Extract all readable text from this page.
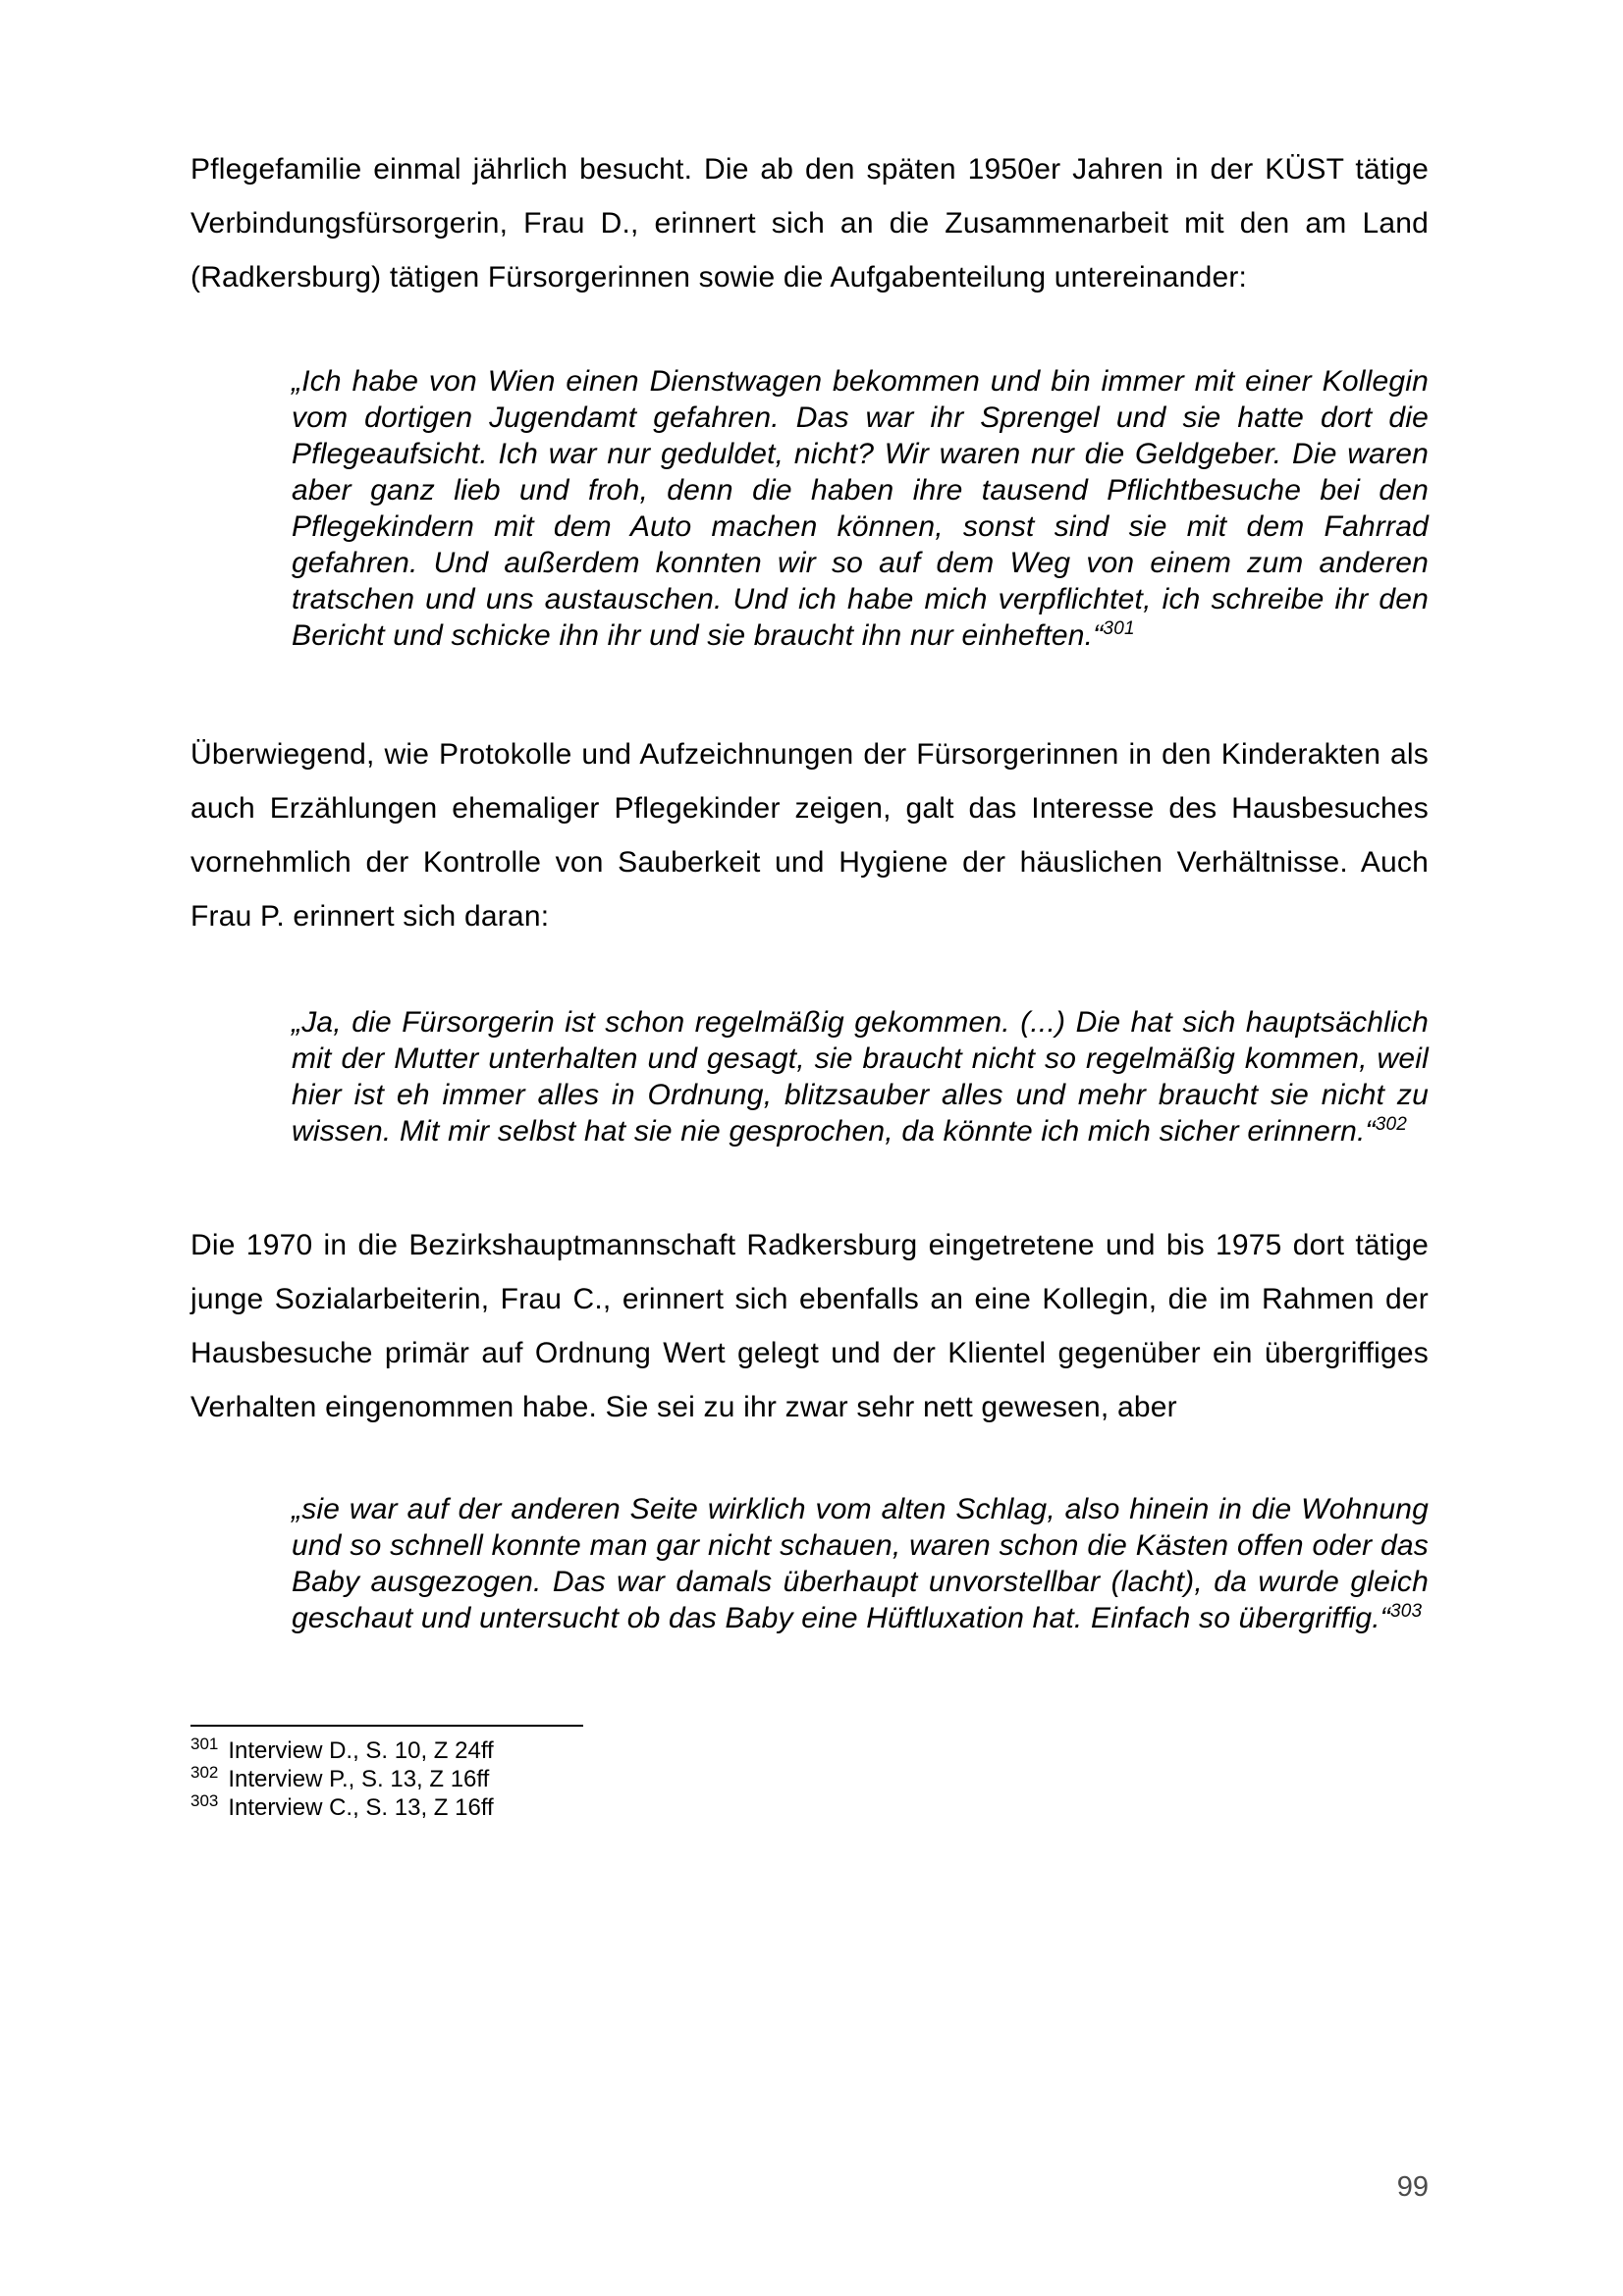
Pflegefamilie einmal jährlich besucht. Die ab den späten 1950er Jahren in der KÜST tätige Verbindungsfürsorgerin, Frau D., erinnert sich an die Zusammenarbeit mit den am Land (Radkersburg) tätigen Fürsorgerinnen sowie die Aufgabenteilung untereinander:

„Ich habe von Wien einen Dienstwagen bekommen und bin immer mit einer Kollegin vom dortigen Jugendamt gefahren. Das war ihr Sprengel und sie hatte dort die Pflegeaufsicht. Ich war nur geduldet, nicht? Wir waren nur die Geldgeber. Die waren aber ganz lieb und froh, denn die haben ihre tausend Pflichtbesuche bei den Pflegekindern mit dem Auto machen können, sonst sind sie mit dem Fahrrad gefahren. Und außerdem konnten wir so auf dem Weg von einem zum anderen tratschen und uns austauschen. Und ich habe mich verpflichtet, ich schreibe ihr den Bericht und schicke ihn ihr und sie braucht ihn nur einheften.“$^{301}$

Überwiegend, wie Protokolle und Aufzeichnungen der Fürsorgerinnen in den Kinderakten als auch Erzählungen ehemaliger Pflegekinder zeigen, galt das Interesse des Hausbesuches vornehmlich der Kontrolle von Sauberkeit und Hygiene der häuslichen Verhältnisse. Auch Frau P. erinnert sich daran:

„Ja, die Fürsorgerin ist schon regelmäßig gekommen. (...) Die hat sich hauptsächlich mit der Mutter unterhalten und gesagt, sie braucht nicht so regelmäßig kommen, weil hier ist eh immer alles in Ordnung, blitzsauber alles und mehr braucht sie nicht zu wissen. Mit mir selbst hat sie nie gesprochen, da könnte ich mich sicher erinnern.“$^{302}$

Die 1970 in die Bezirkshauptmannschaft Radkersburg eingetretene und bis 1975 dort tätige junge Sozialarbeiterin, Frau C., erinnert sich ebenfalls an eine Kollegin, die im Rahmen der Hausbesuche primär auf Ordnung Wert gelegt und der Klientel gegenüber ein übergriffiges Verhalten eingenommen habe. Sie sei zu ihr zwar sehr nett gewesen, aber

„sie war auf der anderen Seite wirklich vom alten Schlag, also hinein in die Wohnung und so schnell konnte man gar nicht schauen, waren schon die Kästen offen oder das Baby ausgezogen. Das war damals überhaupt unvorstellbar (lacht), da wurde gleich geschaut und untersucht ob das Baby eine Hüftluxation hat. Einfach so übergriffig.“$^{303}$
$^{301}$ Interview D., S. 10, Z 24ff
$^{302}$ Interview P., S. 13, Z 16ff
$^{303}$ Interview C., S. 13, Z 16ff
99
